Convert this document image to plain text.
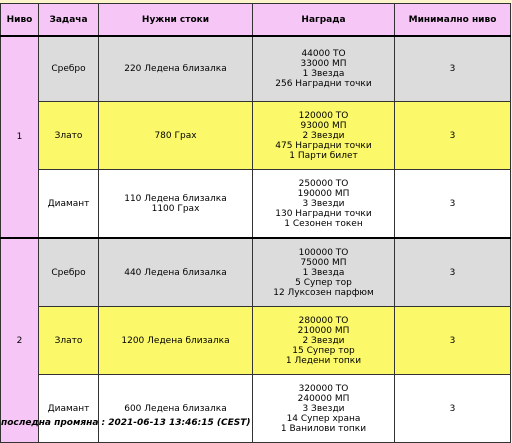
Ниво	Задача	Нужни стоки	Награда	Минимално ниво
1	Сребро	220 Ледена близалка	44000 ТО
33000 МП
1 Звезда
256 Наградни точки	3
	Злато	780 Грах	120000 ТО
93000 МП
2 Звезди
475 Наградни точки
1 Парти билет	3
	Диамант	110 Ледена близалка
1100 Грах	250000 ТО
190000 МП
3 Звезди
130 Наградни точки
1 Сезонен токен	3
2	Сребро	440 Ледена близалка	100000 ТО
75000 МП
1 Звезда
5 Супер тор
12 Луксозен парфюм	3
	Злато	1200 Ледена близалка	280000 ТО
210000 МП
2 Звезди
15 Супер тор
1 Ледени топки	3
	Диамант	600 Ледена близалка	320000 ТО
240000 МП
3 Звезди
14 Супер храна
1 Ванилови топки	3
последна промяна : 2021-06-13 13:46:15 (CEST)
